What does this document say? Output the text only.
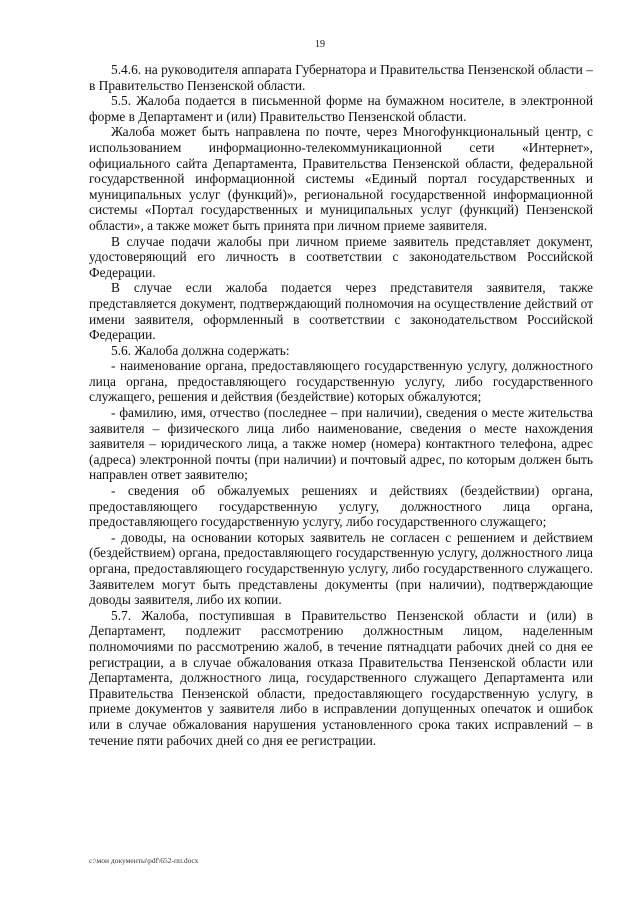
19

5.4.6. на руководителя аппарата Губернатора и Правительства Пензенской области – в Правительство Пензенской области.

5.5. Жалоба подается в письменной форме на бумажном носителе, в электронной форме в Департамент и (или) Правительство Пензенской области.

Жалоба может быть направлена по почте, через Многофункциональный центр, с использованием информационно-телекоммуникационной сети «Интернет», официального сайта Департамента, Правительства Пензенской области, федеральной государственной информационной системы «Единый портал государственных и муниципальных услуг (функций)», региональной государственной информационной системы «Портал государственных и муниципальных услуг (функций) Пензенской области», а также может быть принята при личном приеме заявителя.

В случае подачи жалобы при личном приеме заявитель представляет документ, удостоверяющий его личность в соответствии с законодательством Российской Федерации.

В случае если жалоба подается через представителя заявителя, также представляется документ, подтверждающий полномочия на осуществление действий от имени заявителя, оформленный в соответствии с законодательством Российской Федерации.

5.6. Жалоба должна содержать:

- наименование органа, предоставляющего государственную услугу, должностного лица органа, предоставляющего государственную услугу, либо государственного служащего, решения и действия (бездействие) которых обжалуются;

- фамилию, имя, отчество (последнее – при наличии), сведения о месте жительства заявителя – физического лица либо наименование, сведения о месте нахождения заявителя – юридического лица, а также номер (номера) контактного телефона, адрес (адреса) электронной почты (при наличии) и почтовый адрес, по которым должен быть направлен ответ заявителю;

- сведения об обжалуемых решениях и действиях (бездействии) органа, предоставляющего государственную услугу, должностного лица органа, предоставляющего государственную услугу, либо государственного служащего;

- доводы, на основании которых заявитель не согласен с решением и действием (бездействием) органа, предоставляющего государственную услугу, должностного лица органа, предоставляющего государственную услугу, либо государственного служащего. Заявителем могут быть представлены документы (при наличии), подтверждающие доводы заявителя, либо их копии.

5.7. Жалоба, поступившая в Правительство Пензенской области и (или) в Департамент, подлежит рассмотрению должностным лицом, наделенным полномочиями по рассмотрению жалоб, в течение пятнадцати рабочих дней со дня ее регистрации, а в случае обжалования отказа Правительства Пензенской области или Департамента, должностного лица, государственного служащего Департамента или Правительства Пензенской области, предоставляющего государственную услугу, в приеме документов у заявителя либо в исправлении допущенных опечаток и ошибок или в случае обжалования нарушения установленного срока таких исправлений – в течение пяти рабочих дней со дня ее регистрации.

c:\мои документы\pdf\652-пп.docx
